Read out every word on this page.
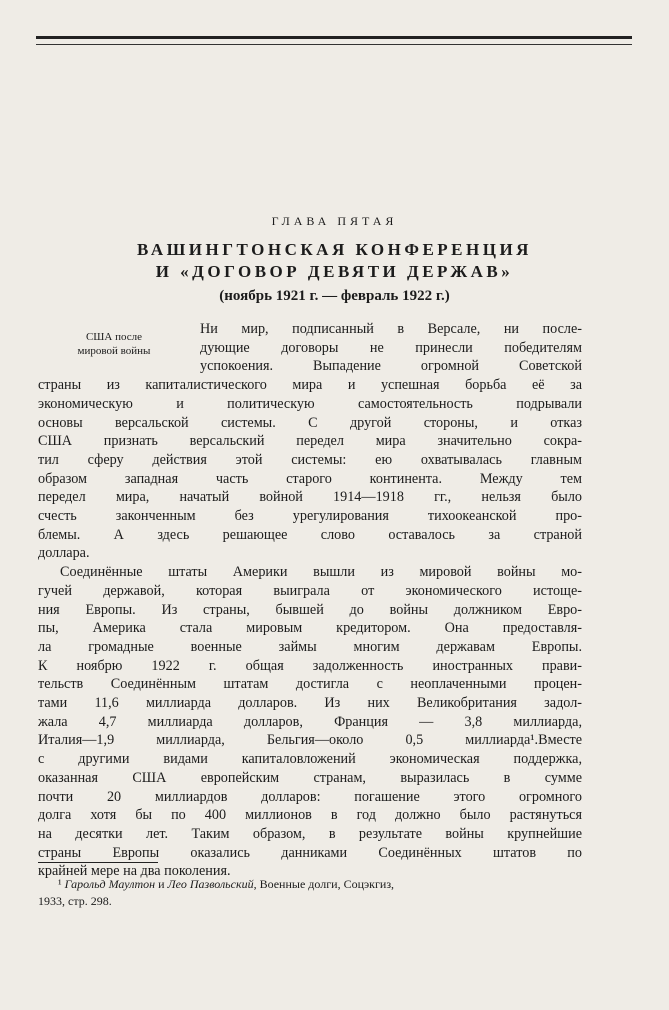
ГЛАВА ПЯТАЯ
ВАШИНГТОНСКАЯ КОНФЕРЕНЦИЯ
И «ДОГОВОР ДЕВЯТИ ДЕРЖАВ»
(ноябрь 1921 г. — февраль 1922 г.)
США после
мировой войны
Ни мир, подписанный в Версале, ни после-
дующие договоры не принесли победителям
успокоения. Выпадение огромной Советской
страны из капиталистического мира и успешная борьба её за
экономическую и политическую самостоятельность подрывали
основы версальской системы. С другой стороны, и отказ
США признать версальский передел мира значительно сокра-
тил сферу действия этой системы: ею охватывалась главным
образом западная часть старого континента. Между тем
передел мира, начатый войной 1914—1918 гг., нельзя было
счесть законченным без урегулирования тихоокеанской про-
блемы. А здесь решающее слово оставалось за страной
доллара.
Соединённые штаты Америки вышли из мировой войны мо-
гучей державой, которая выиграла от экономического истоще-
ния Европы. Из страны, бывшей до войны должником Евро-
пы, Америка стала мировым кредитором. Она предоставля-
ла громадные военные займы многим державам Европы.
К ноябрю 1922 г. общая задолженность иностранных прави-
тельств Соединённым штатам достигла с неоплаченными процен-
тами 11,6 миллиарда долларов. Из них Великобритания задол-
жала 4,7 миллиарда долларов, Франция — 3,8 миллиарда,
Италия—1,9 миллиарда, Бельгия—около 0,5 миллиарда¹.Вместе
с другими видами капиталовложений экономическая поддержка,
оказанная США европейским странам, выразилась в сумме
почти 20 миллиардов долларов: погашение этого огромного
долга хотя бы по 400 миллионов в год должно было растянуться
на десятки лет. Таким образом, в результате войны крупнейшие
страны Европы оказались данниками Соединённых штатов по
крайней мере на два поколения.
¹ Гарольд Маултон и Лео Пазвольский, Военные долги, Соцэкгиз,
1933, стр. 298.
